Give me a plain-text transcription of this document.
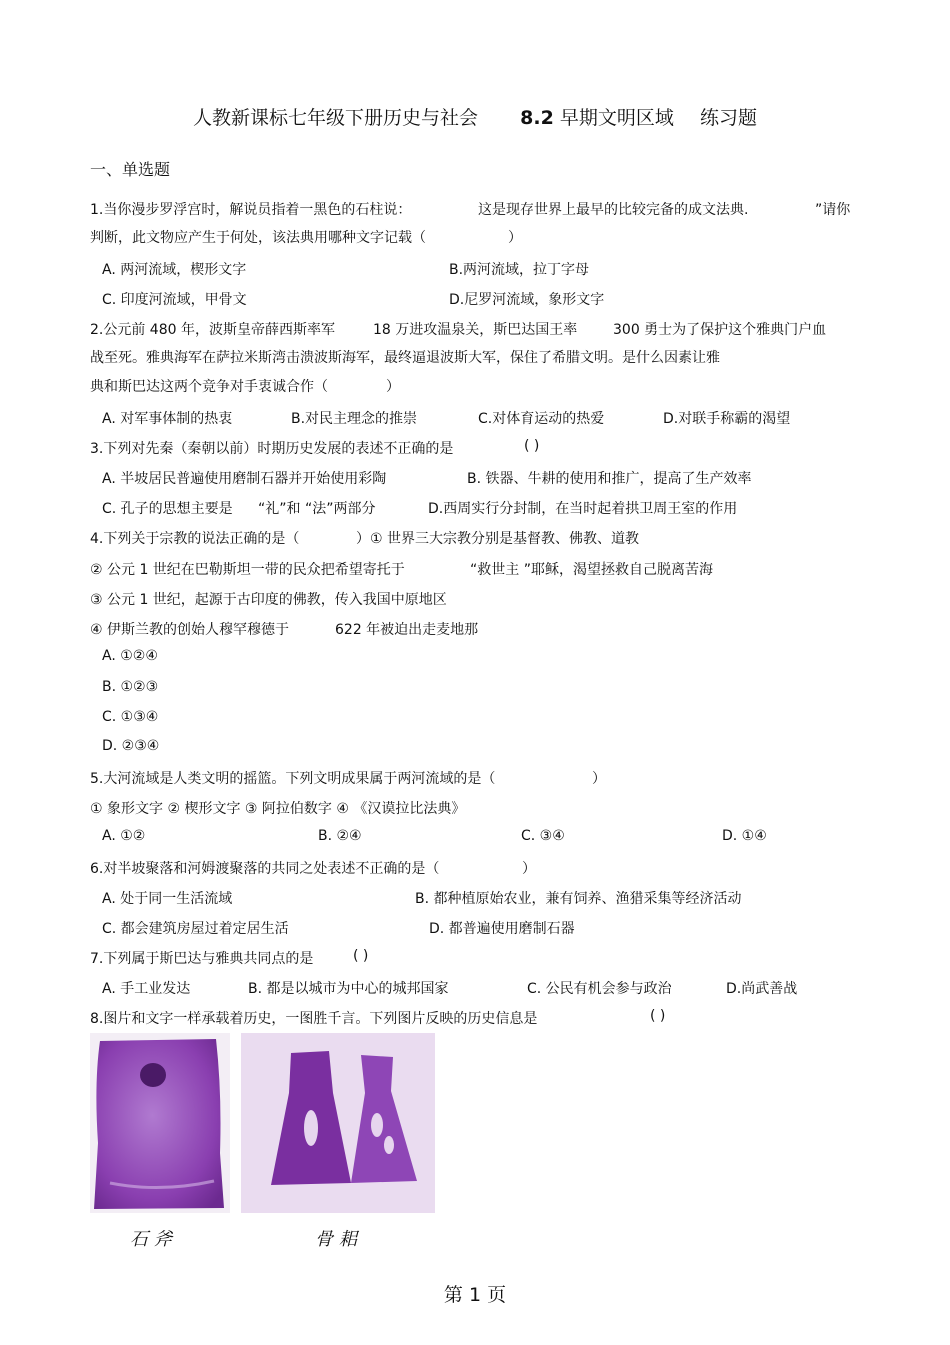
人教新课标七年级下册历史与社会 8.2 早期文明区域 练习题
一、单选题
1.当你漫步罗浮宫时，解说员指着一黑色的石柱说：	这是现存世界上最早的比较完备的成文法典.	”请你
判断，此文物应产生于何处，该法典用哪种文字记载（	）
A. 两河流域，楔形文字	B.两河流域，拉丁字母
C. 印度河流域，甲骨文	D.尼罗河流域，象形文字
2.公元前 480 年，波斯皇帝薛西斯率军	18 万进攻温泉关，斯巴达国王率	300 勇士为了保护这个雅典门户血
战至死。雅典海军在萨拉米斯湾击溃波斯海军，最终逼退波斯大军，保住了希腊文明。是什么因素让雅
典和斯巴达这两个竞争对手衷诚合作（	）
A. 对军事体制的热衷	B.对民主理念的推崇	C.对体育运动的热爱	D.对联手称霸的渴望
3.下列对先秦（秦朝以前）时期历史发展的表述不正确的是	( )
A. 半坡居民普遍使用磨制石器并开始使用彩陶	B. 铁器、牛耕的使用和推广，提高了生产效率
C. 孔子的思想主要是 “礼”和 “法”两部分	D.西周实行分封制，在当时起着拱卫周王室的作用
4.下列关于宗教的说法正确的是（	）① 世界三大宗教分别是基督教、佛教、道教
② 公元 1 世纪在巴勒斯坦一带的民众把希望寄托于	“救世主 ”耶稣，渴望拯救自己脱离苦海
③ 公元 1 世纪，起源于古印度的佛教，传入我国中原地区
④ 伊斯兰教的创始人穆罕穆德于	622 年被迫出走麦地那
A. ①②④
B. ①②③
C. ①③④
D. ②③④
5.大河流域是人类文明的摇篮。下列文明成果属于两河流域的是（	）
① 象形文字 ② 楔形文字 ③ 阿拉伯数字 ④ 《汉谟拉比法典》
A. ①②	B. ②④	C. ③④	D. ①④
6.对半坡聚落和河姆渡聚落的共同之处表述不正确的是（	）
A. 处于同一生活流域	B. 都种植原始农业，兼有饲养、渔猎采集等经济活动
C. 都会建筑房屋过着定居生活	D. 都普遍使用磨制石器
7.下列属于斯巴达与雅典共同点的是	( )
A. 手工业发达	B. 都是以城市为中心的城邦国家	C. 公民有机会参与政治	D.尚武善战
8.图片和文字一样承载着历史，一图胜千言。下列图片反映的历史信息是	( )
石斧	骨耜
第 1 页
